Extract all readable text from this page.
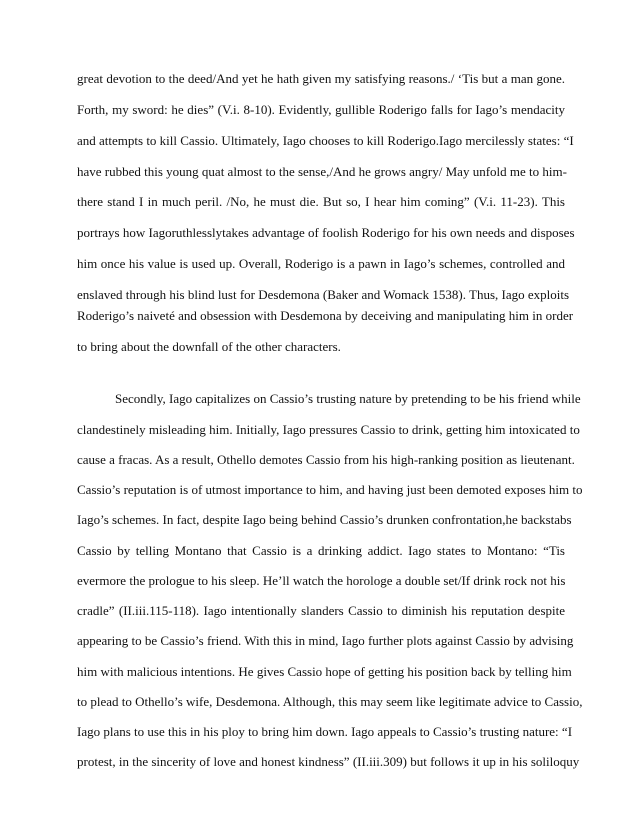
great devotion to the deed/And yet he hath given my satisfying reasons./ ‘Tis but a man gone.
Forth, my sword: he dies” (V.i. 8-10). Evidently, gullible Roderigo falls for Iago’s mendacity
and attempts to kill Cassio. Ultimately, Iago chooses to kill Roderigo.Iago mercilessly states: “I
have rubbed this young quat almost to the sense,/And he grows angry/ May unfold me to him-
there stand I in much peril. /No, he must die. But so, I hear him coming” (V.i. 11-23). This
portrays how Iagoruthlesslytakes advantage of foolish Roderigo for his own needs and disposes
him once his value is used up. Overall, Roderigo is a pawn in Iago’s schemes, controlled and
enslaved through his blind lust for Desdemona (Baker and Womack 1538). Thus, Iago exploits
Roderigo’s naiveté and obsession with Desdemona by deceiving and manipulating him in order
to bring about the downfall of the other characters.
Secondly, Iago capitalizes on Cassio’s trusting nature by pretending to be his friend while
clandestinely misleading him. Initially, Iago pressures Cassio to drink, getting him intoxicated to
cause a fracas. As a result, Othello demotes Cassio from his high-ranking position as lieutenant.
Cassio’s reputation is of utmost importance to him, and having just been demoted exposes him to
Iago’s schemes. In fact, despite Iago being behind Cassio’s drunken confrontation,he backstabs
Cassio by telling Montano that Cassio is a drinking addict. Iago states to Montano: “Tis
evermore the prologue to his sleep. He’ll watch the horologe a double set/If drink rock not his
cradle” (II.iii.115-118). Iago intentionally slanders Cassio to diminish his reputation despite
appearing to be Cassio’s friend. With this in mind, Iago further plots against Cassio by advising
him with malicious intentions. He gives Cassio hope of getting his position back by telling him
to plead to Othello’s wife, Desdemona. Although, this may seem like legitimate advice to Cassio,
Iago plans to use this in his ploy to bring him down. Iago appeals to Cassio’s trusting nature: “I
protest, in the sincerity of love and honest kindness” (II.iii.309) but follows it up in his soliloquy
